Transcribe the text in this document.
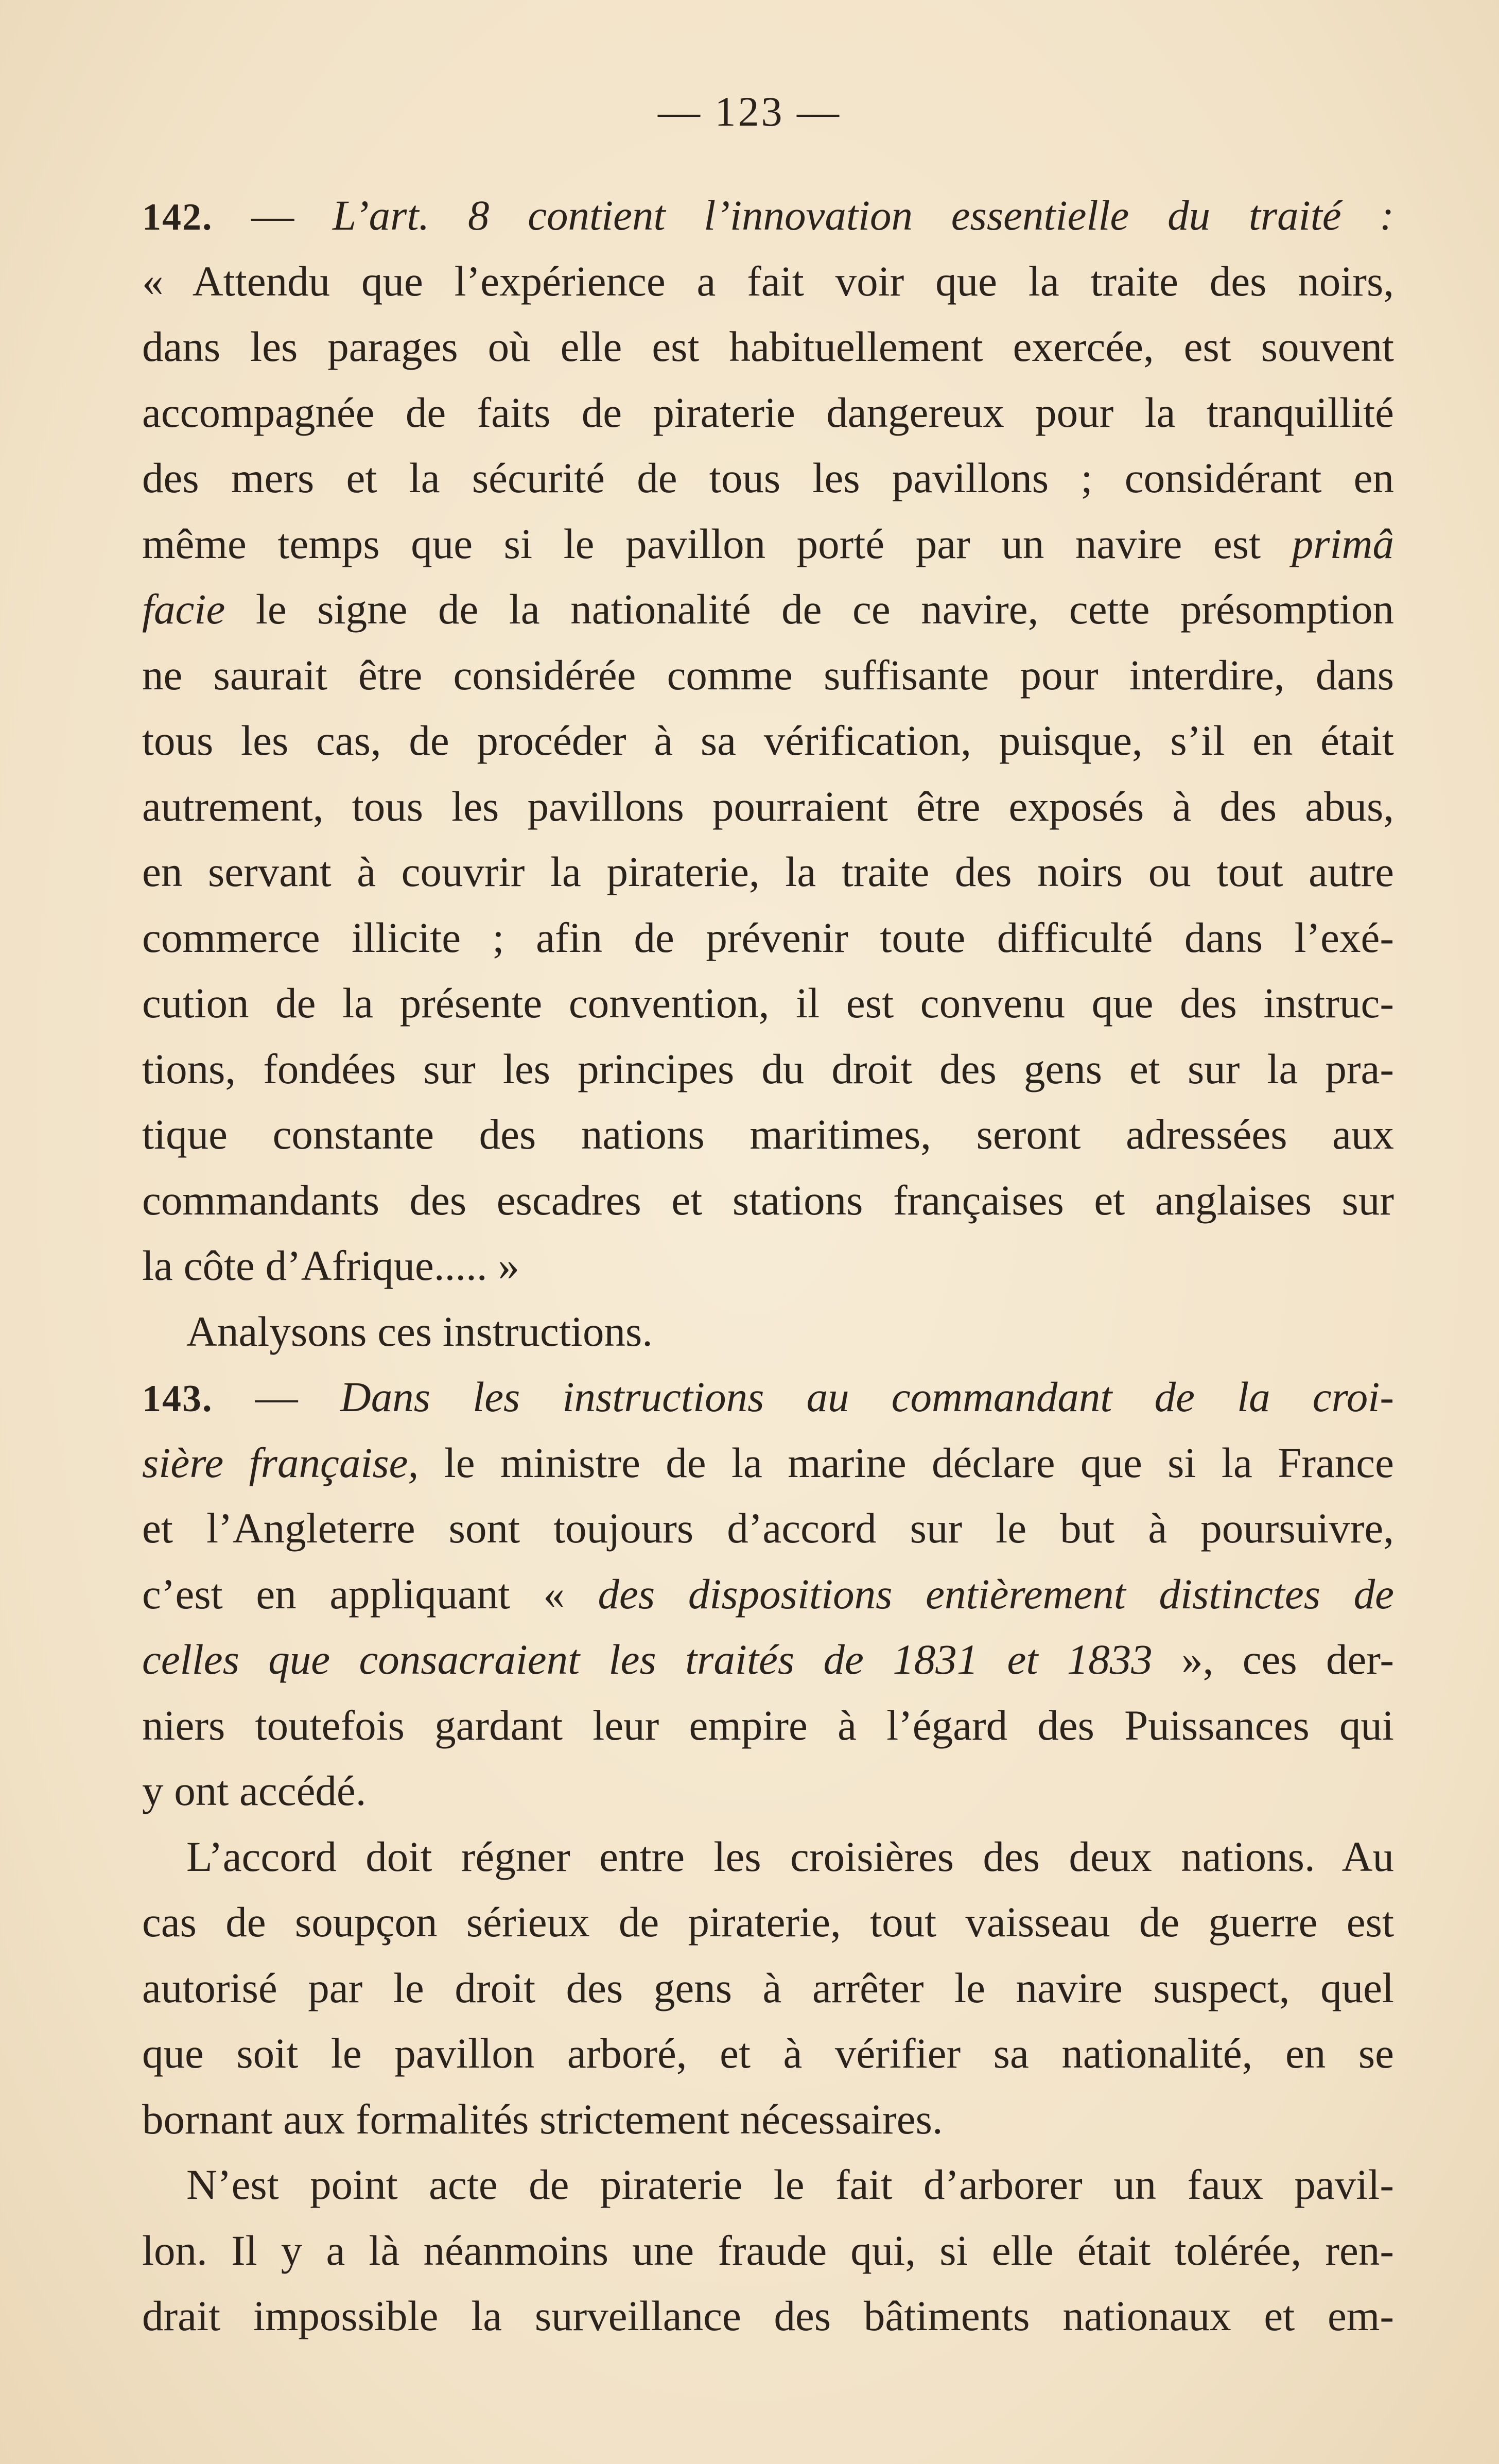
— 123 —
142. — L’art. 8 contient l’innovation essentielle du traité :
« Attendu que l’expérience a fait voir que la traite des noirs,
dans les parages où elle est habituellement exercée, est souvent
accompagnée de faits de piraterie dangereux pour la tranquillité
des mers et la sécurité de tous les pavillons ; considérant en
même temps que si le pavillon porté par un navire est primâ
facie le signe de la nationalité de ce navire, cette présomption
ne saurait être considérée comme suffisante pour interdire, dans
tous les cas, de procéder à sa vérification, puisque, s’il en était
autrement, tous les pavillons pourraient être exposés à des abus,
en servant à couvrir la piraterie, la traite des noirs ou tout autre
commerce illicite ; afin de prévenir toute difficulté dans l’exé-
cution de la présente convention, il est convenu que des instruc-
tions, fondées sur les principes du droit des gens et sur la pra-
tique constante des nations maritimes, seront adressées aux
commandants des escadres et stations françaises et anglaises sur
la côte d’Afrique..... »
Analysons ces instructions.
143. — Dans les instructions au commandant de la croi-
sière française, le ministre de la marine déclare que si la France
et l’Angleterre sont toujours d’accord sur le but à poursuivre,
c’est en appliquant « des dispositions entièrement distinctes de
celles que consacraient les traités de 1831 et 1833 », ces der-
niers toutefois gardant leur empire à l’égard des Puissances qui
y ont accédé.
L’accord doit régner entre les croisières des deux nations. Au
cas de soupçon sérieux de piraterie, tout vaisseau de guerre est
autorisé par le droit des gens à arrêter le navire suspect, quel
que soit le pavillon arboré, et à vérifier sa nationalité, en se
bornant aux formalités strictement nécessaires.
N’est point acte de piraterie le fait d’arborer un faux pavil-
lon. Il y a là néanmoins une fraude qui, si elle était tolérée, ren-
drait impossible la surveillance des bâtiments nationaux et em-
